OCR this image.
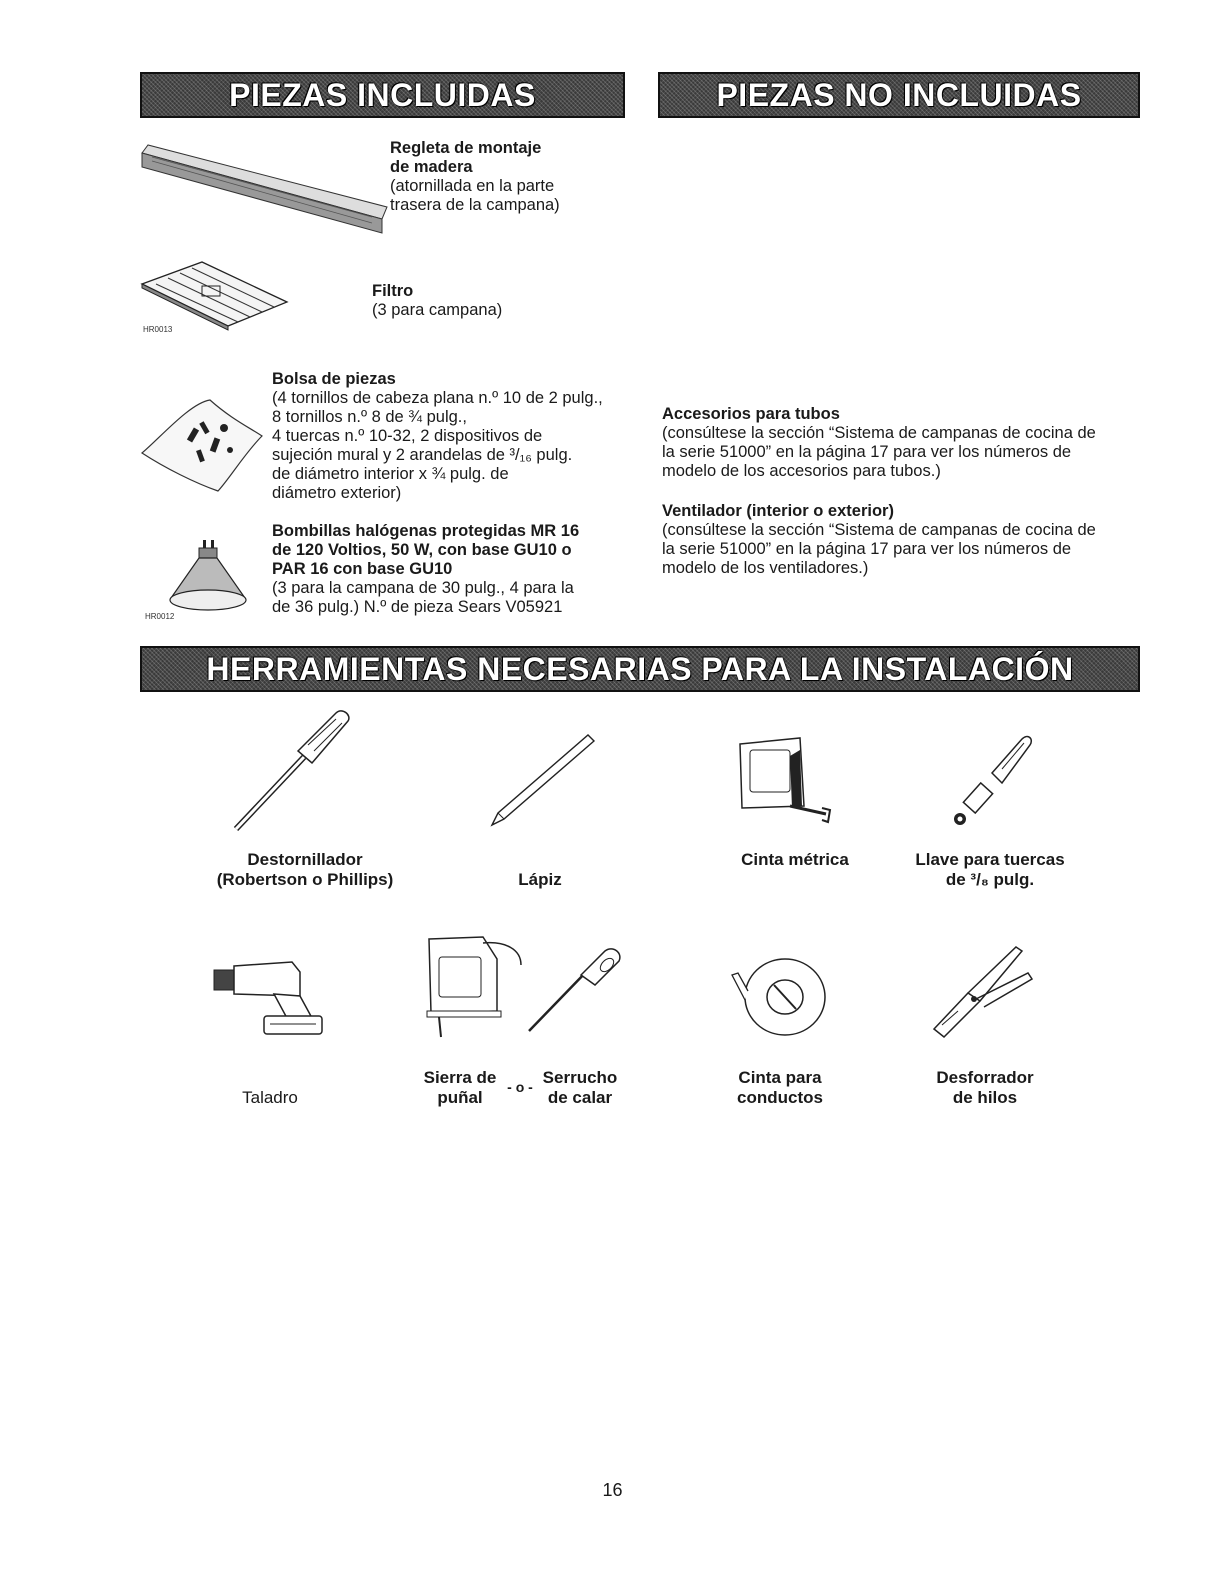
PIEZAS INCLUIDAS	PIEZAS NO INCLUIDAS
Regleta de montaje
de madera
(atornillada en la parte
trasera de la campana)
HR0013
Filtro
(3 para campana)
Bolsa de piezas
(4 tornillos de cabeza plana n.º 10 de 2 pulg.,
8 tornillos n.º 8 de ¾ pulg.,
4 tuercas n.º 10-32, 2 dispositivos de
sujeción mural y 2 arandelas de ³/₁₆ pulg.
de diámetro interior x ¾ pulg. de
diámetro exterior)
HR0012
Bombillas halógenas protegidas MR 16
de 120 Voltios, 50 W, con base GU10 o
PAR 16 con base GU10
(3 para la campana de 30 pulg., 4 para la
de 36 pulg.) N.º de pieza Sears V05921
Accesorios para tubos
(consúltese la sección “Sistema de campanas de cocina de
la serie 51000” en la página 17 para ver los números de
modelo de los accesorios para tubos.)
Ventilador (interior o exterior)
(consúltese la sección “Sistema de campanas de cocina de
la serie 51000” en la página 17 para ver los números de
modelo de los ventiladores.)
HERRAMIENTAS NECESARIAS PARA LA INSTALACIÓN
Destornillador
(Robertson o Phillips)	Lápiz
Cinta métrica	Llave para tuercas
de ³/₈ pulg.
Taladro
Sierra de
puñal
- o - Serrucho
de calar
Cinta para
conductos
Desforrador
de hilos
16
